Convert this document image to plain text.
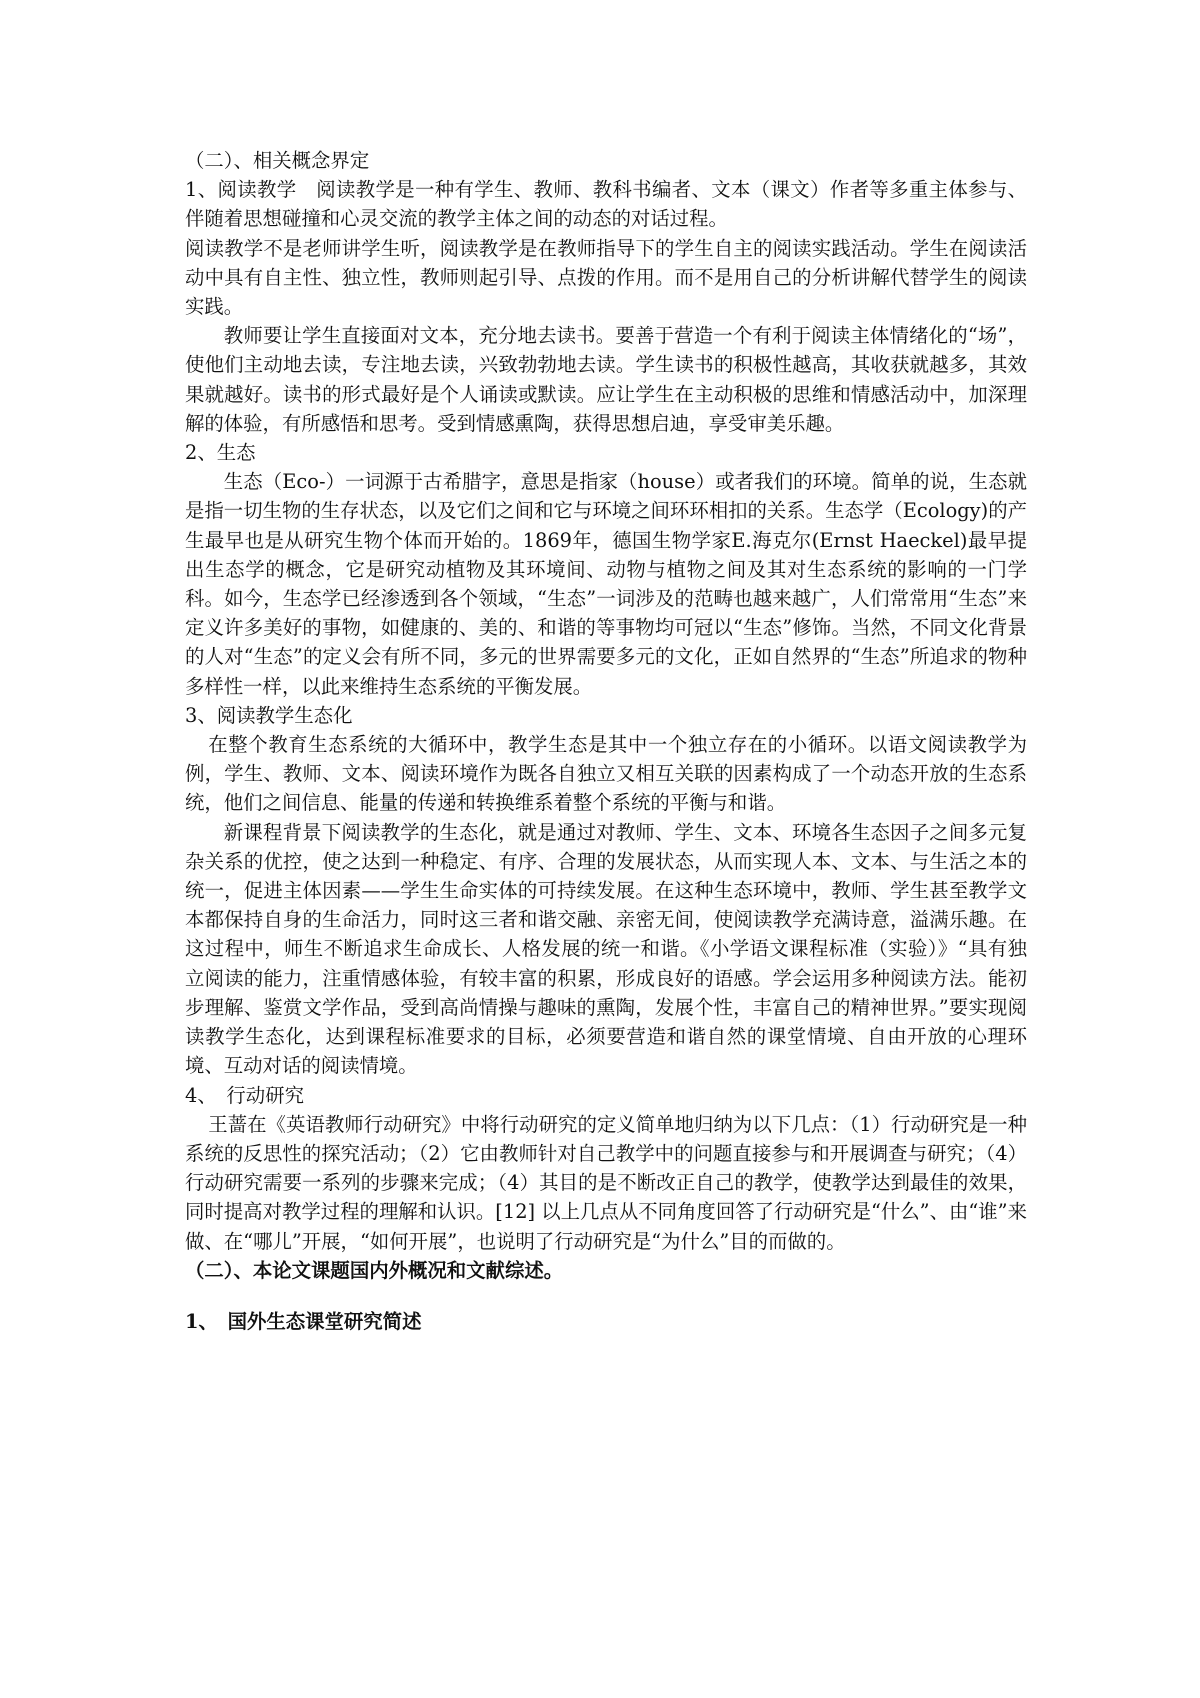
（二）、相关概念界定

1、阅读教学　阅读教学是一种有学生、教师、教科书编者、文本（课文）作者等多重主体参与、伴随着思想碰撞和心灵交流的教学主体之间的动态的对话过程。

阅读教学不是老师讲学生听，阅读教学是在教师指导下的学生自主的阅读实践活动。学生在阅读活动中具有自主性、独立性，教师则起引导、点拨的作用。而不是用自己的分析讲解代替学生的阅读实践。

教师要让学生直接面对文本，充分地去读书。要善于营造一个有利于阅读主体情绪化的“场”，使他们主动地去读，专注地去读，兴致勃勃地去读。学生读书的积极性越高，其收获就越多，其效果就越好。读书的形式最好是个人诵读或默读。应让学生在主动积极的思维和情感活动中，加深理解的体验，有所感悟和思考。受到情感熏陶，获得思想启迪，享受审美乐趣。

2、生态

生态（Eco-）一词源于古希腊字，意思是指家（house）或者我们的环境。简单的说，生态就是指一切生物的生存状态，以及它们之间和它与环境之间环环相扣的关系。生态学（Ecology)的产生最早也是从研究生物个体而开始的。1869年，德国生物学家E.海克尔(Ernst Haeckel)最早提出生态学的概念，它是研究动植物及其环境间、动物与植物之间及其对生态系统的影响的一门学科。如今，生态学已经渗透到各个领域，“生态”一词涉及的范畴也越来越广，人们常常用“生态”来定义许多美好的事物，如健康的、美的、和谐的等事物均可冠以“生态”修饰。当然，不同文化背景的人对“生态”的定义会有所不同，多元的世界需要多元的文化，正如自然界的“生态”所追求的物种多样性一样，以此来维持生态系统的平衡发展。

3、阅读教学生态化

在整个教育生态系统的大循环中，教学生态是其中一个独立存在的小循环。以语文阅读教学为例，学生、教师、文本、阅读环境作为既各自独立又相互关联的因素构成了一个动态开放的生态系统，他们之间信息、能量的传递和转换维系着整个系统的平衡与和谐。

新课程背景下阅读教学的生态化，就是通过对教师、学生、文本、环境各生态因子之间多元复杂关系的优控，使之达到一种稳定、有序、合理的发展状态，从而实现人本、文本、与生活之本的统一，促进主体因素——学生生命实体的可持续发展。在这种生态环境中，教师、学生甚至教学文本都保持自身的生命活力，同时这三者和谐交融、亲密无间，使阅读教学充满诗意，溢满乐趣。在这过程中，师生不断追求生命成长、人格发展的统一和谐。《小学语文课程标准（实验）》“具有独立阅读的能力，注重情感体验，有较丰富的积累，形成良好的语感。学会运用多种阅读方法。能初步理解、鉴赏文学作品，受到高尚情操与趣味的熏陶，发展个性，丰富自己的精神世界。”要实现阅读教学生态化，达到课程标准要求的目标，必须要营造和谐自然的课堂情境、自由开放的心理环境、互动对话的阅读情境。

4、　行动研究

王蔷在《英语教师行动研究》中将行动研究的定义简单地归纳为以下几点：（1）行动研究是一种系统的反思性的探究活动；（2）它由教师针对自己教学中的问题直接参与和开展调查与研究；（4）行动研究需要一系列的步骤来完成；（4）其目的是不断改正自己的教学，使教学达到最佳的效果，同时提高对教学过程的理解和认识。[12] 以上几点从不同角度回答了行动研究是“什么”、由“谁”来做、在“哪儿”开展，“如何开展”，也说明了行动研究是“为什么”目的而做的。

（二）、本论文课题国内外概况和文献综述。

1、　国外生态课堂研究简述
